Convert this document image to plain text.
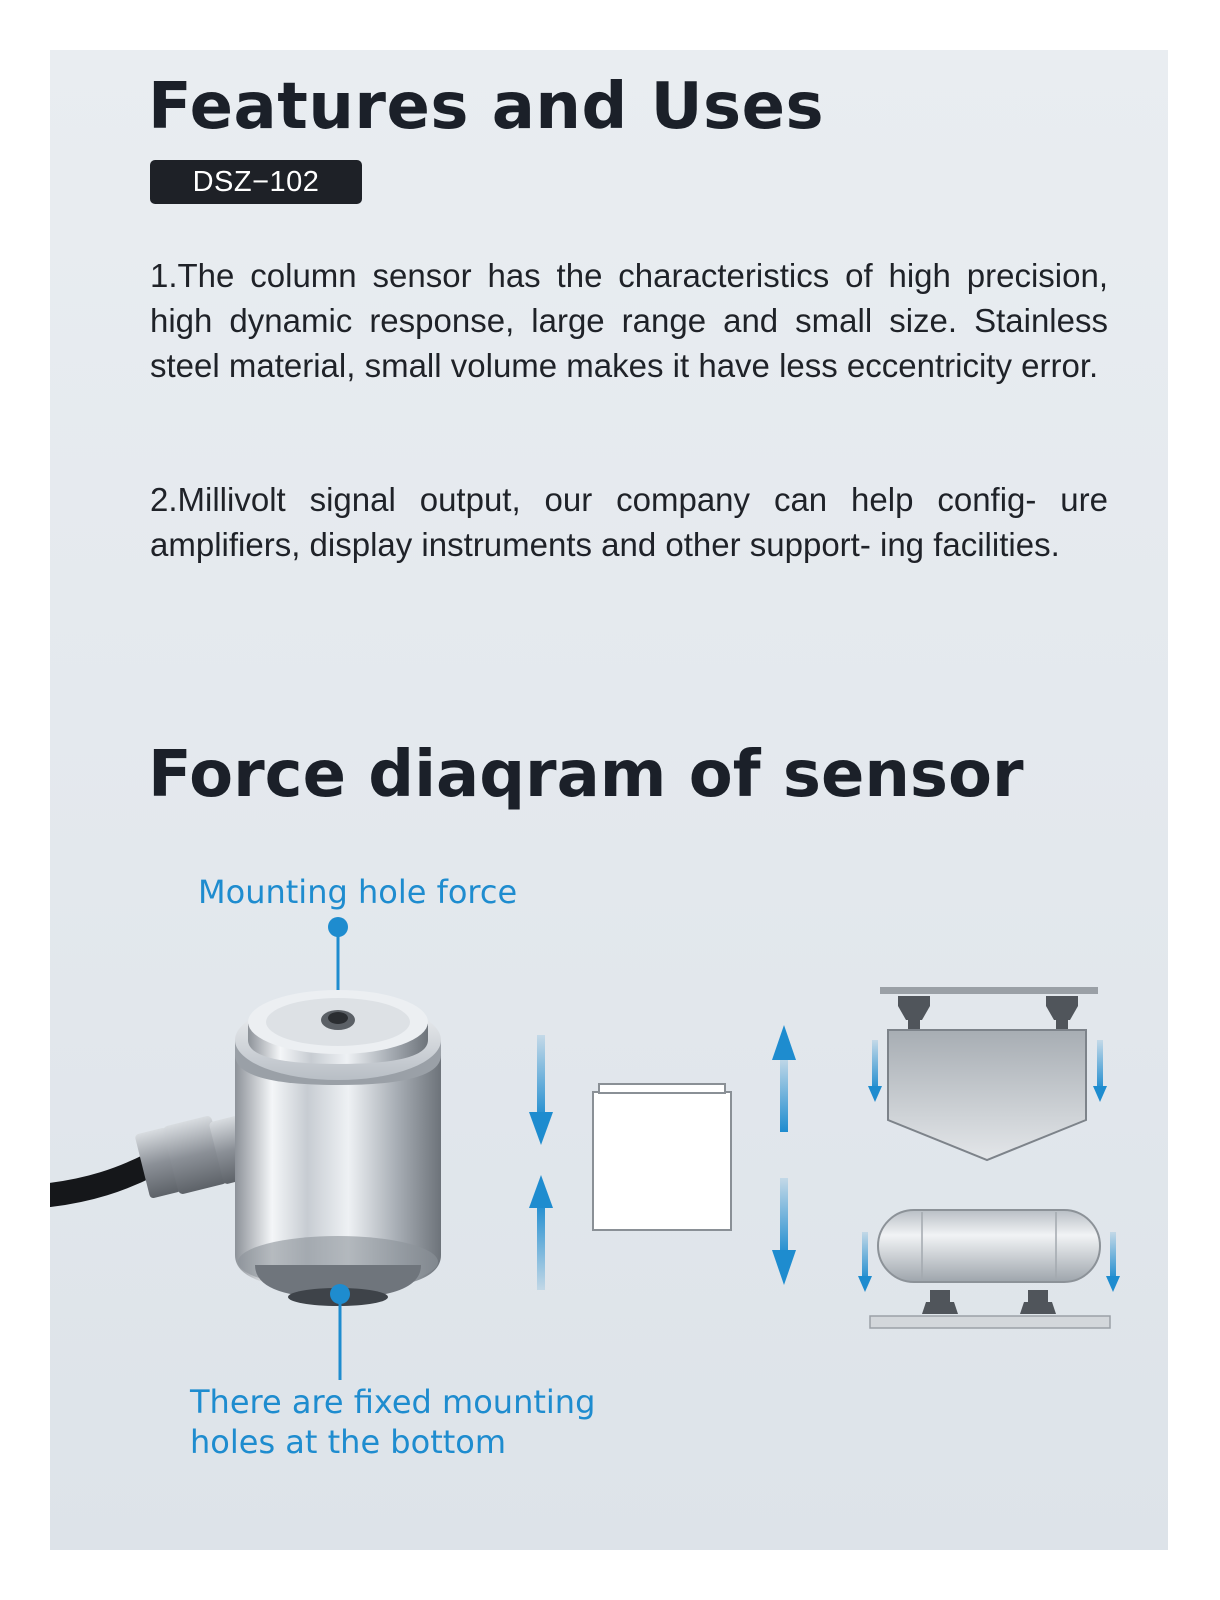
Features and Uses
DSZ−102

1.The column sensor has the characteristics of high precision, high dynamic response, large range and small size. Stainless steel material, small volume makes it have less eccentricity error.

2.Millivolt signal output, our company can help config- ure amplifiers, display instruments and other support- ing facilities.

Force diaqram of sensor
Mounting hole force
There are fixed mounting
holes at the bottom
